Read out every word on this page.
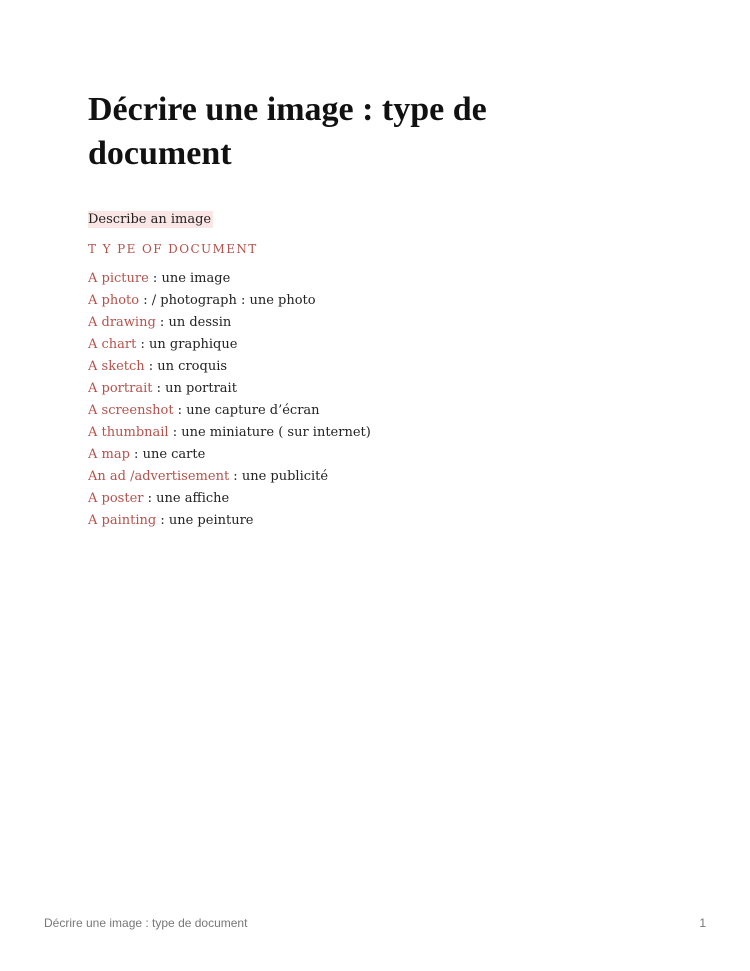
Décrire une image : type de document
Describe an image
T Y PE OF DOCUMENT
A picture : une image
A photo : / photograph : une photo
A drawing : un dessin
A chart : un graphique
A sketch : un croquis
A portrait : un portrait
A screenshot : une capture d’écran
A thumbnail : une miniature ( sur internet)
A map : une carte
An ad /advertisement : une publicité
A poster : une affiche
A painting : une peinture
Décrire une image : type de document	1
